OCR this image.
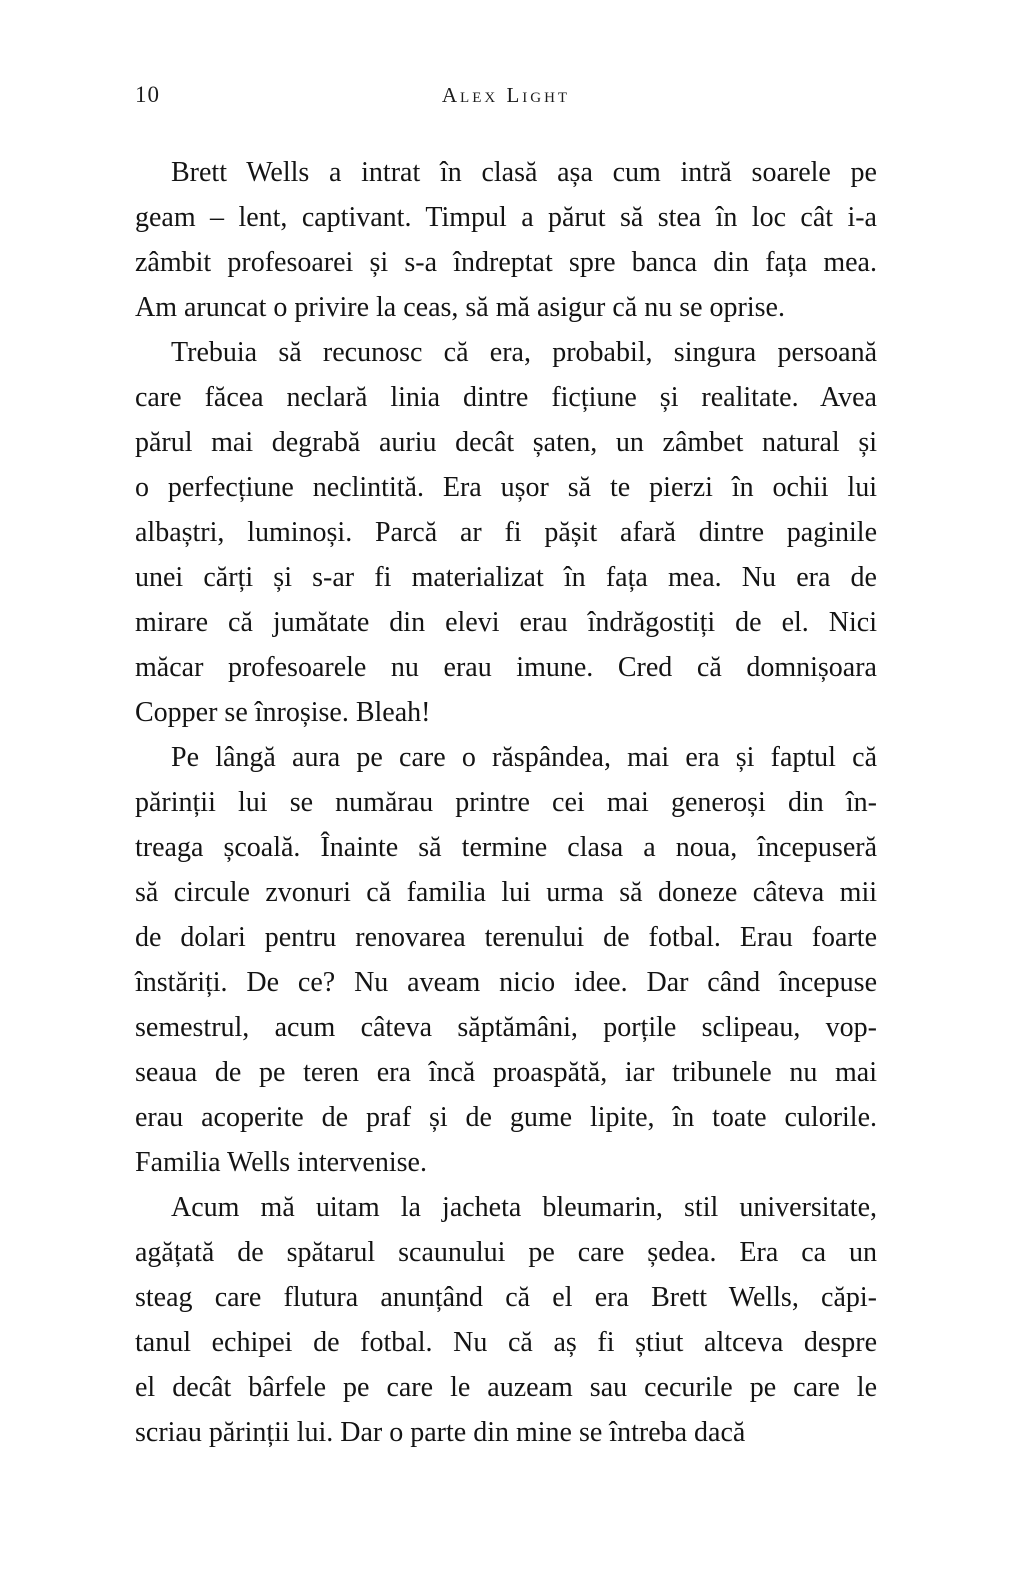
10	Alex Light

Brett Wells a intrat în clasă așa cum intră soarele pe
geam – lent, captivant. Timpul a părut să stea în loc cât i-a
zâmbit profesoarei și s-a îndreptat spre banca din fața mea.
Am aruncat o privire la ceas, să mă asigur că nu se oprise.

Trebuia să recunosc că era, probabil, singura persoană
care făcea neclară linia dintre ficțiune și realitate. Avea
părul mai degrabă auriu decât șaten, un zâmbet natural și
o perfecțiune neclintită. Era ușor să te pierzi în ochii lui
albaștri, luminoși. Parcă ar fi pășit afară dintre paginile
unei cărți și s-ar fi materializat în fața mea. Nu era de
mirare că jumătate din elevi erau îndrăgostiți de el. Nici
măcar profesoarele nu erau imune. Cred că domnișoara
Copper se înroșise. Bleah!

Pe lângă aura pe care o răspândea, mai era și faptul că
părinții lui se numărau printre cei mai generoși din în-
treaga școală. Înainte să termine clasa a noua, începuseră
să circule zvonuri că familia lui urma să doneze câteva mii
de dolari pentru renovarea terenului de fotbal. Erau foarte
înstăriți. De ce? Nu aveam nicio idee. Dar când începuse
semestrul, acum câteva săptămâni, porțile sclipeau, vop-
seaua de pe teren era încă proaspătă, iar tribunele nu mai
erau acoperite de praf și de gume lipite, în toate culorile.
Familia Wells intervenise.

Acum mă uitam la jacheta bleumarin, stil universitate,
agățată de spătarul scaunului pe care ședea. Era ca un
steag care flutura anunțând că el era Brett Wells, căpi-
tanul echipei de fotbal. Nu că aș fi știut altceva despre
el decât bârfele pe care le auzeam sau cecurile pe care le
scriau părinții lui. Dar o parte din mine se întreba dacă
